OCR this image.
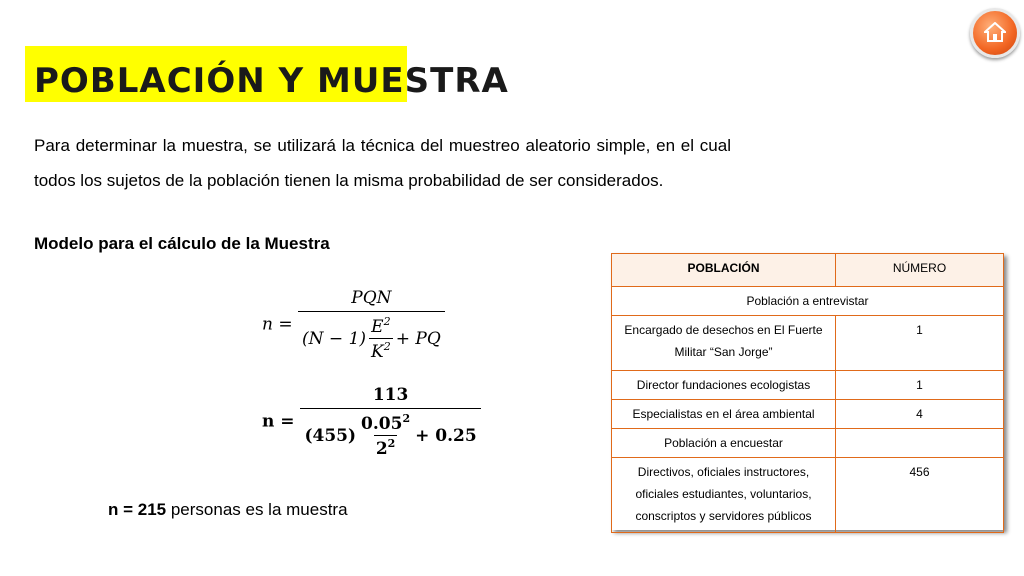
POBLACIÓN Y MUESTRA
Para determinar la muestra, se utilizará la técnica del muestreo aleatorio simple, en el cual todos los sujetos de la población tienen la misma probabilidad de ser considerados.
Modelo para el cálculo de la Muestra
$n = \frac{\text{PQN}}{(N - 1) \frac{E^2}{K^2} + PQ}$
$n = \frac{113}{(455) \frac{0.05^2}{2^2} + 0.25}$
n = 215 personas es la muestra
POBLACIÓN	NÚMERO
Población a entrevistar	
Encargado de desechos en El Fuerte Militar “San Jorge”	1
Director fundaciones ecologistas	1
Especialistas en el área ambiental	4
Población a encuestar	
Directivos, oficiales instructores, oficiales estudiantes, voluntarios, conscriptos y servidores públicos	456
